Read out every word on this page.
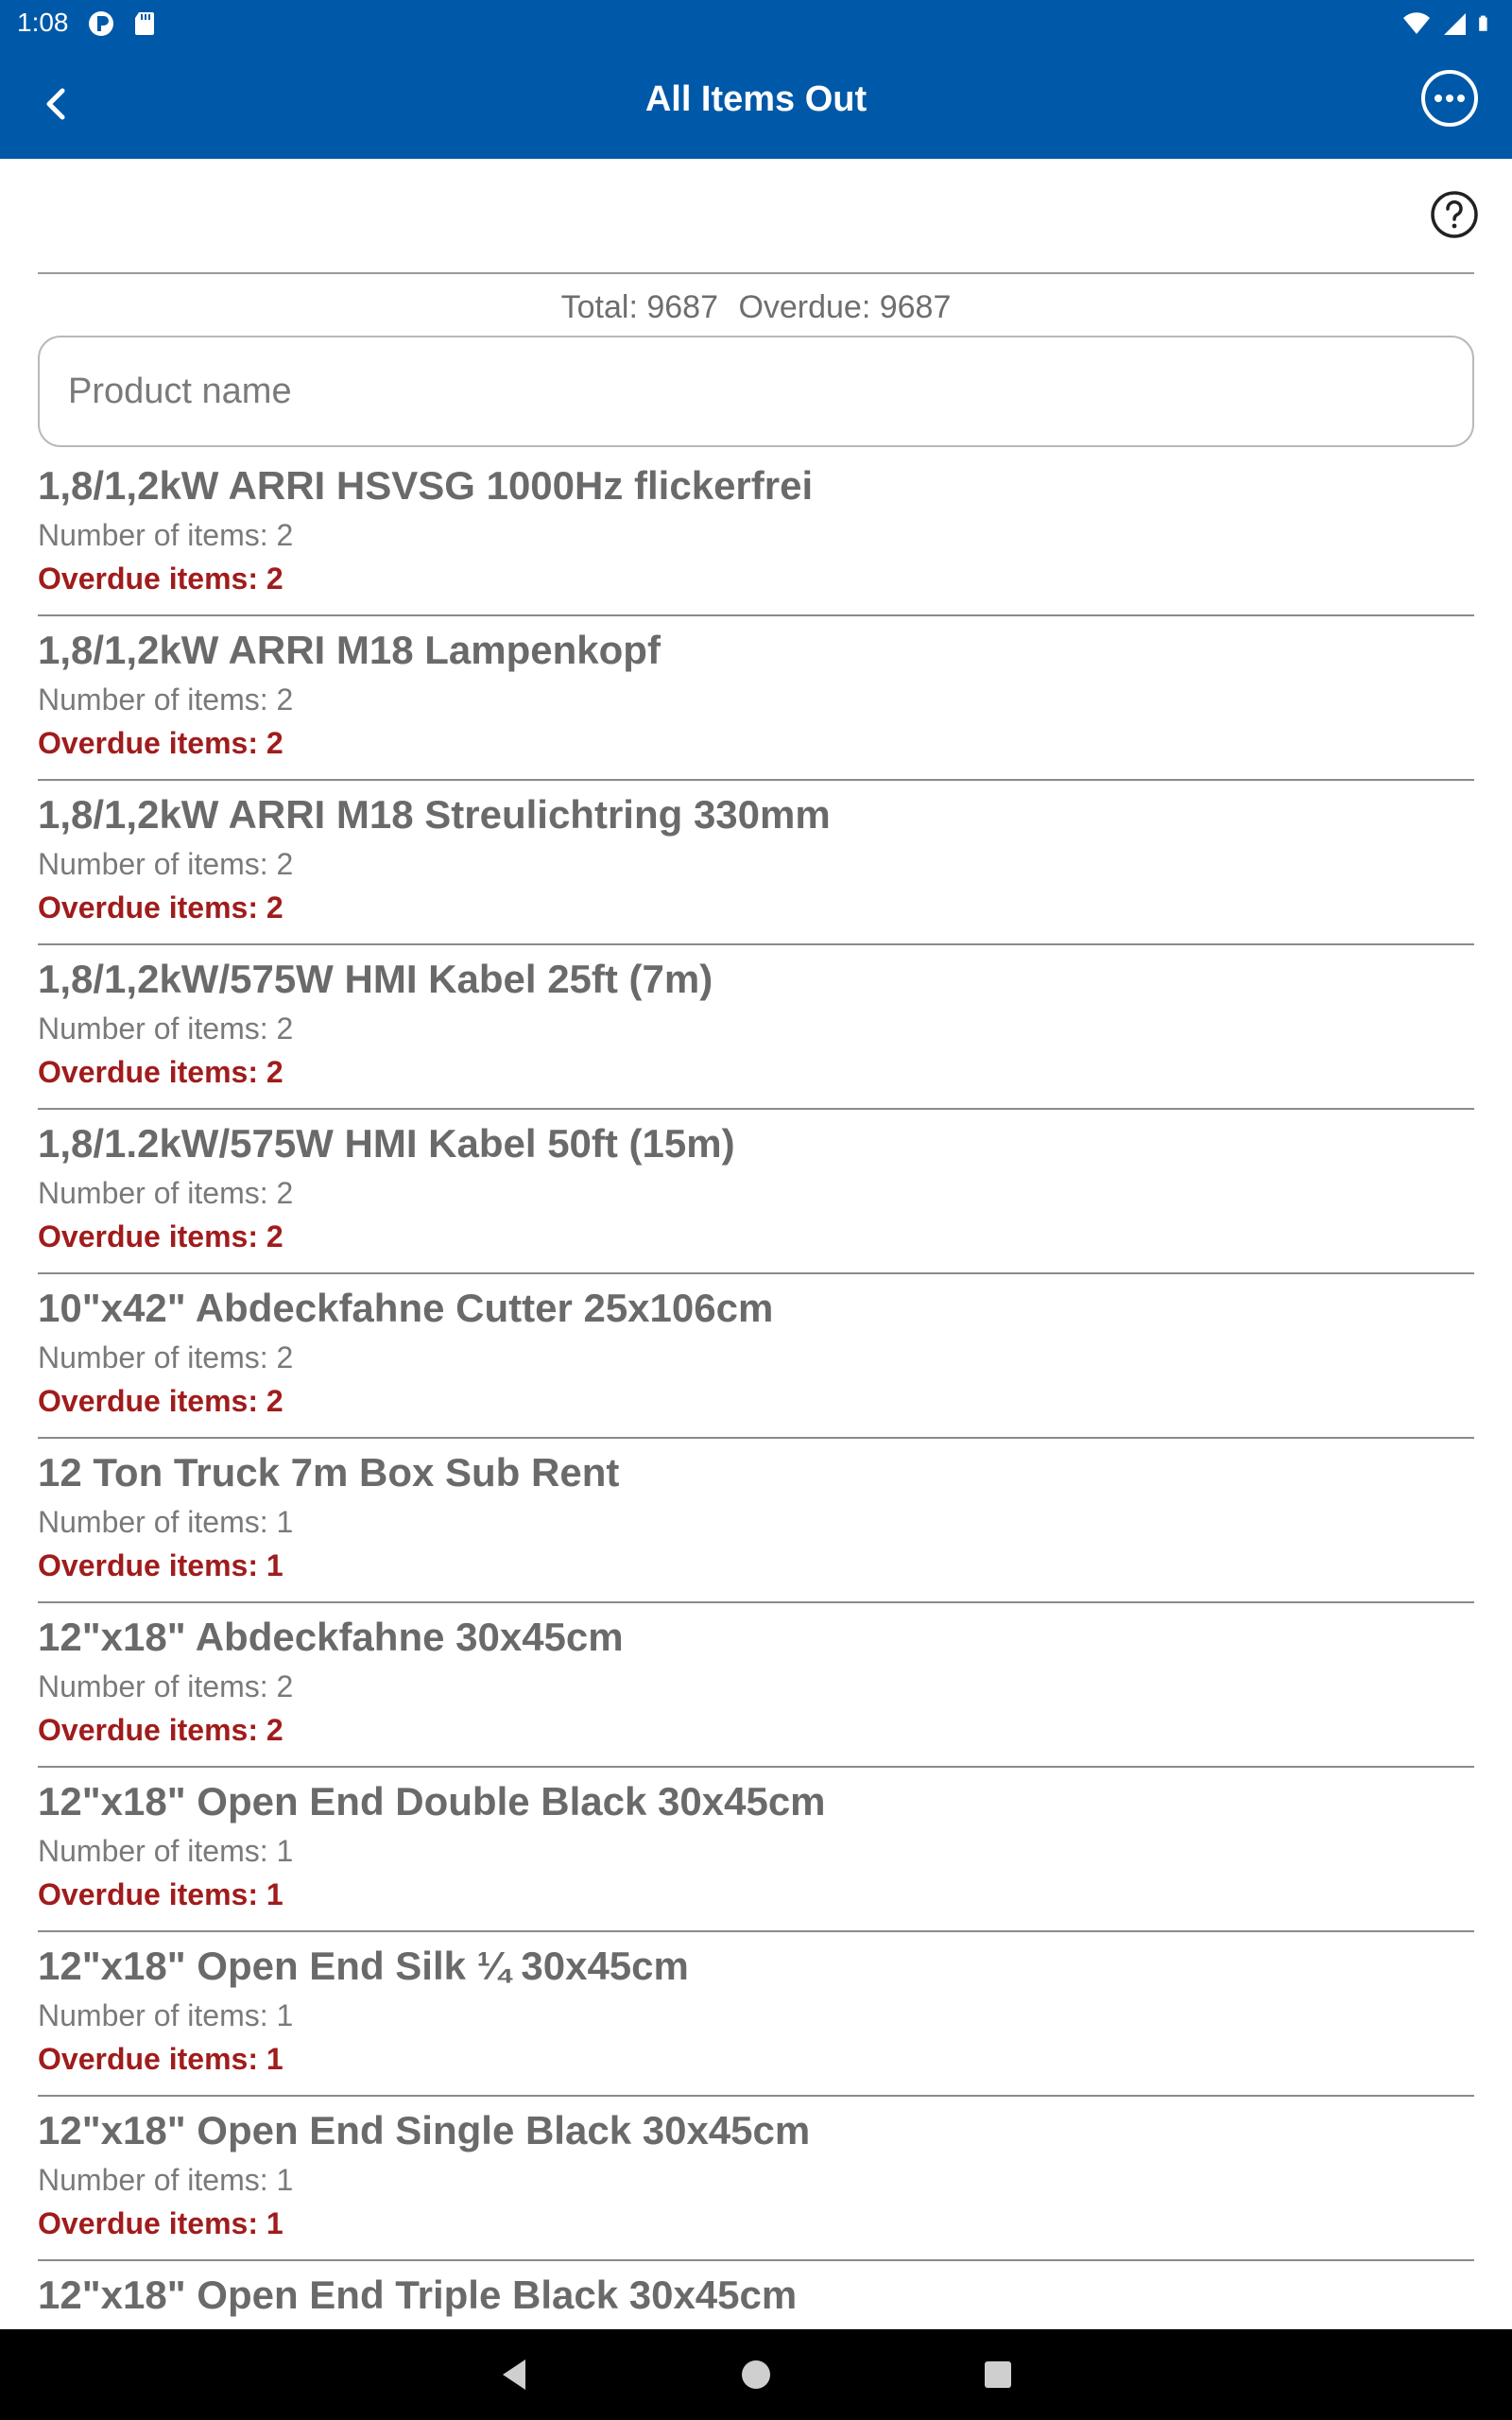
1:08
All Items Out
Total: 9687 Overdue: 9687
Product name
1,8/1,2kW ARRI HSVSG 1000Hz flickerfrei
Number of items: 2
Overdue items: 2
1,8/1,2kW ARRI M18 Lampenkopf
Number of items: 2
Overdue items: 2
1,8/1,2kW ARRI M18 Streulichtring 330mm
Number of items: 2
Overdue items: 2
1,8/1,2kW/575W HMI Kabel 25ft (7m)
Number of items: 2
Overdue items: 2
1,8/1.2kW/575W HMI Kabel 50ft (15m)
Number of items: 2
Overdue items: 2
10"x42" Abdeckfahne Cutter 25x106cm
Number of items: 2
Overdue items: 2
12 Ton Truck 7m Box Sub Rent
Number of items: 1
Overdue items: 1
12"x18" Abdeckfahne 30x45cm
Number of items: 2
Overdue items: 2
12"x18" Open End Double Black 30x45cm
Number of items: 1
Overdue items: 1
12"x18" Open End Silk ¼ 30x45cm
Number of items: 1
Overdue items: 1
12"x18" Open End Single Black 30x45cm
Number of items: 1
Overdue items: 1
12"x18" Open End Triple Black 30x45cm
